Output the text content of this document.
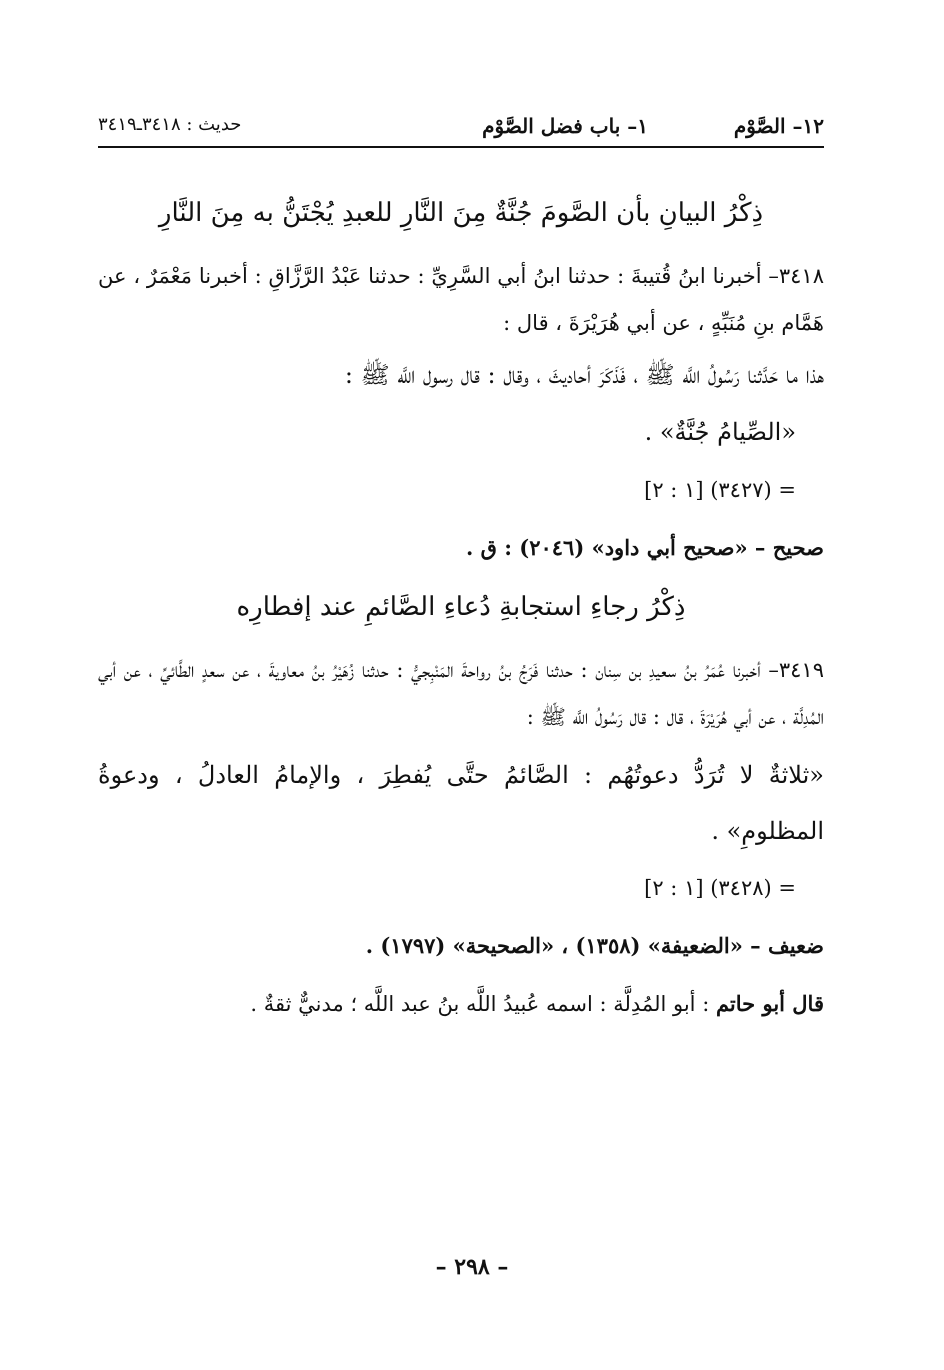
١٢– الصَّوْم
١– باب فضل الصَّوْم
حديث : ٣٤١٨ـ٣٤١٩
ذِكْرُ البيانِ بأن الصَّومَ جُنَّةٌ مِنَ النَّارِ للعبدِ يُجْتَنُّ به مِنَ النَّارِ

٣٤١٨– أخبرنا ابنُ قُتيبةَ : حدثنا ابنُ أبي السَّرِيِّ : حدثنا عَبْدُ الرَّزَّاقِ : أخبرنا مَعْمَرٌ ، عن هَمَّام بنِ مُنَبِّهٍ ، عن أبي هُرَيْرَةَ ، قال :

هذا ما حَدَّثنا رَسُولُ اللَّه ﷺ ، فَذَكَرَ أحاديثَ ، وقال : قال رسول اللَّه ﷺ :

«الصِّيامُ جُنَّةٌ» .

= (٣٤٢٧) [١ : ٢]

صحيح – «صحيح أبي داود» (٢٠٤٦) : ق .

ذِكْرُ رجاءِ استجابةِ دُعاءِ الصَّائمِ عند إفطارِه

٣٤١٩– أخبرنا عُمَرُ بنُ سعيدِ بن سِنان : حدثنا فَرَجُ بنُ رواحةَ المَنْبِجيُّ : حدثنا زُهَيْرُ بنُ معاويةَ ، عن سعدٍ الطَّائيِّ ، عن أبي المُدِلَّة ، عن أبي هُرَيْرَةَ ، قال : قال رَسُولُ اللَّه ﷺ :

«ثلاثةٌ لا تُرَدُّ دعوتُهُم : الصَّائمُ حتَّى يُفطِرَ ، والإمامُ العادلُ ، ودعوةُ المظلومِ» .

= (٣٤٢٨) [١ : ٢]

ضعيف – «الضعيفة» (١٣٥٨) ، «الصحيحة» (١٧٩٧) .

قال أبو حاتم : أبو المُدِلَّة : اسمه عُبيدُ اللَّه بنُ عبد اللَّه ؛ مدنيٌّ ثقةٌ .

– ٢٩٨ –
